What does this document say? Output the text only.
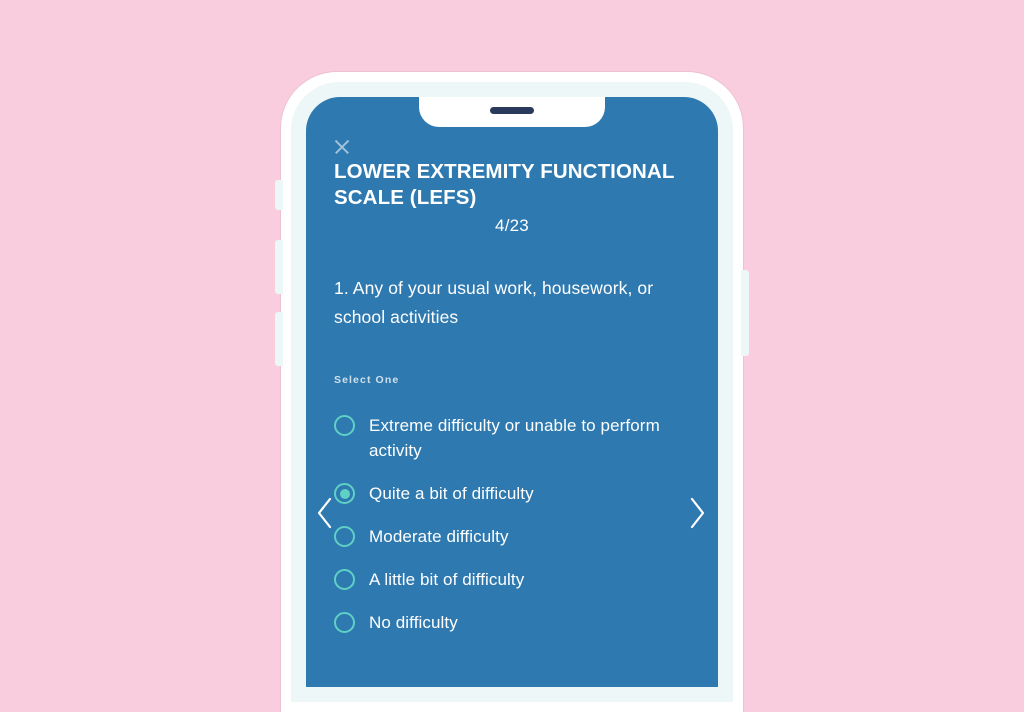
LOWER EXTREMITY FUNCTIONAL SCALE (LEFS)
4/23
1. Any of your usual work, housework, or school activities
Select One
Extreme difficulty or unable to perform activity
Quite a bit of difficulty
Moderate difficulty
A little bit of difficulty
No difficulty
